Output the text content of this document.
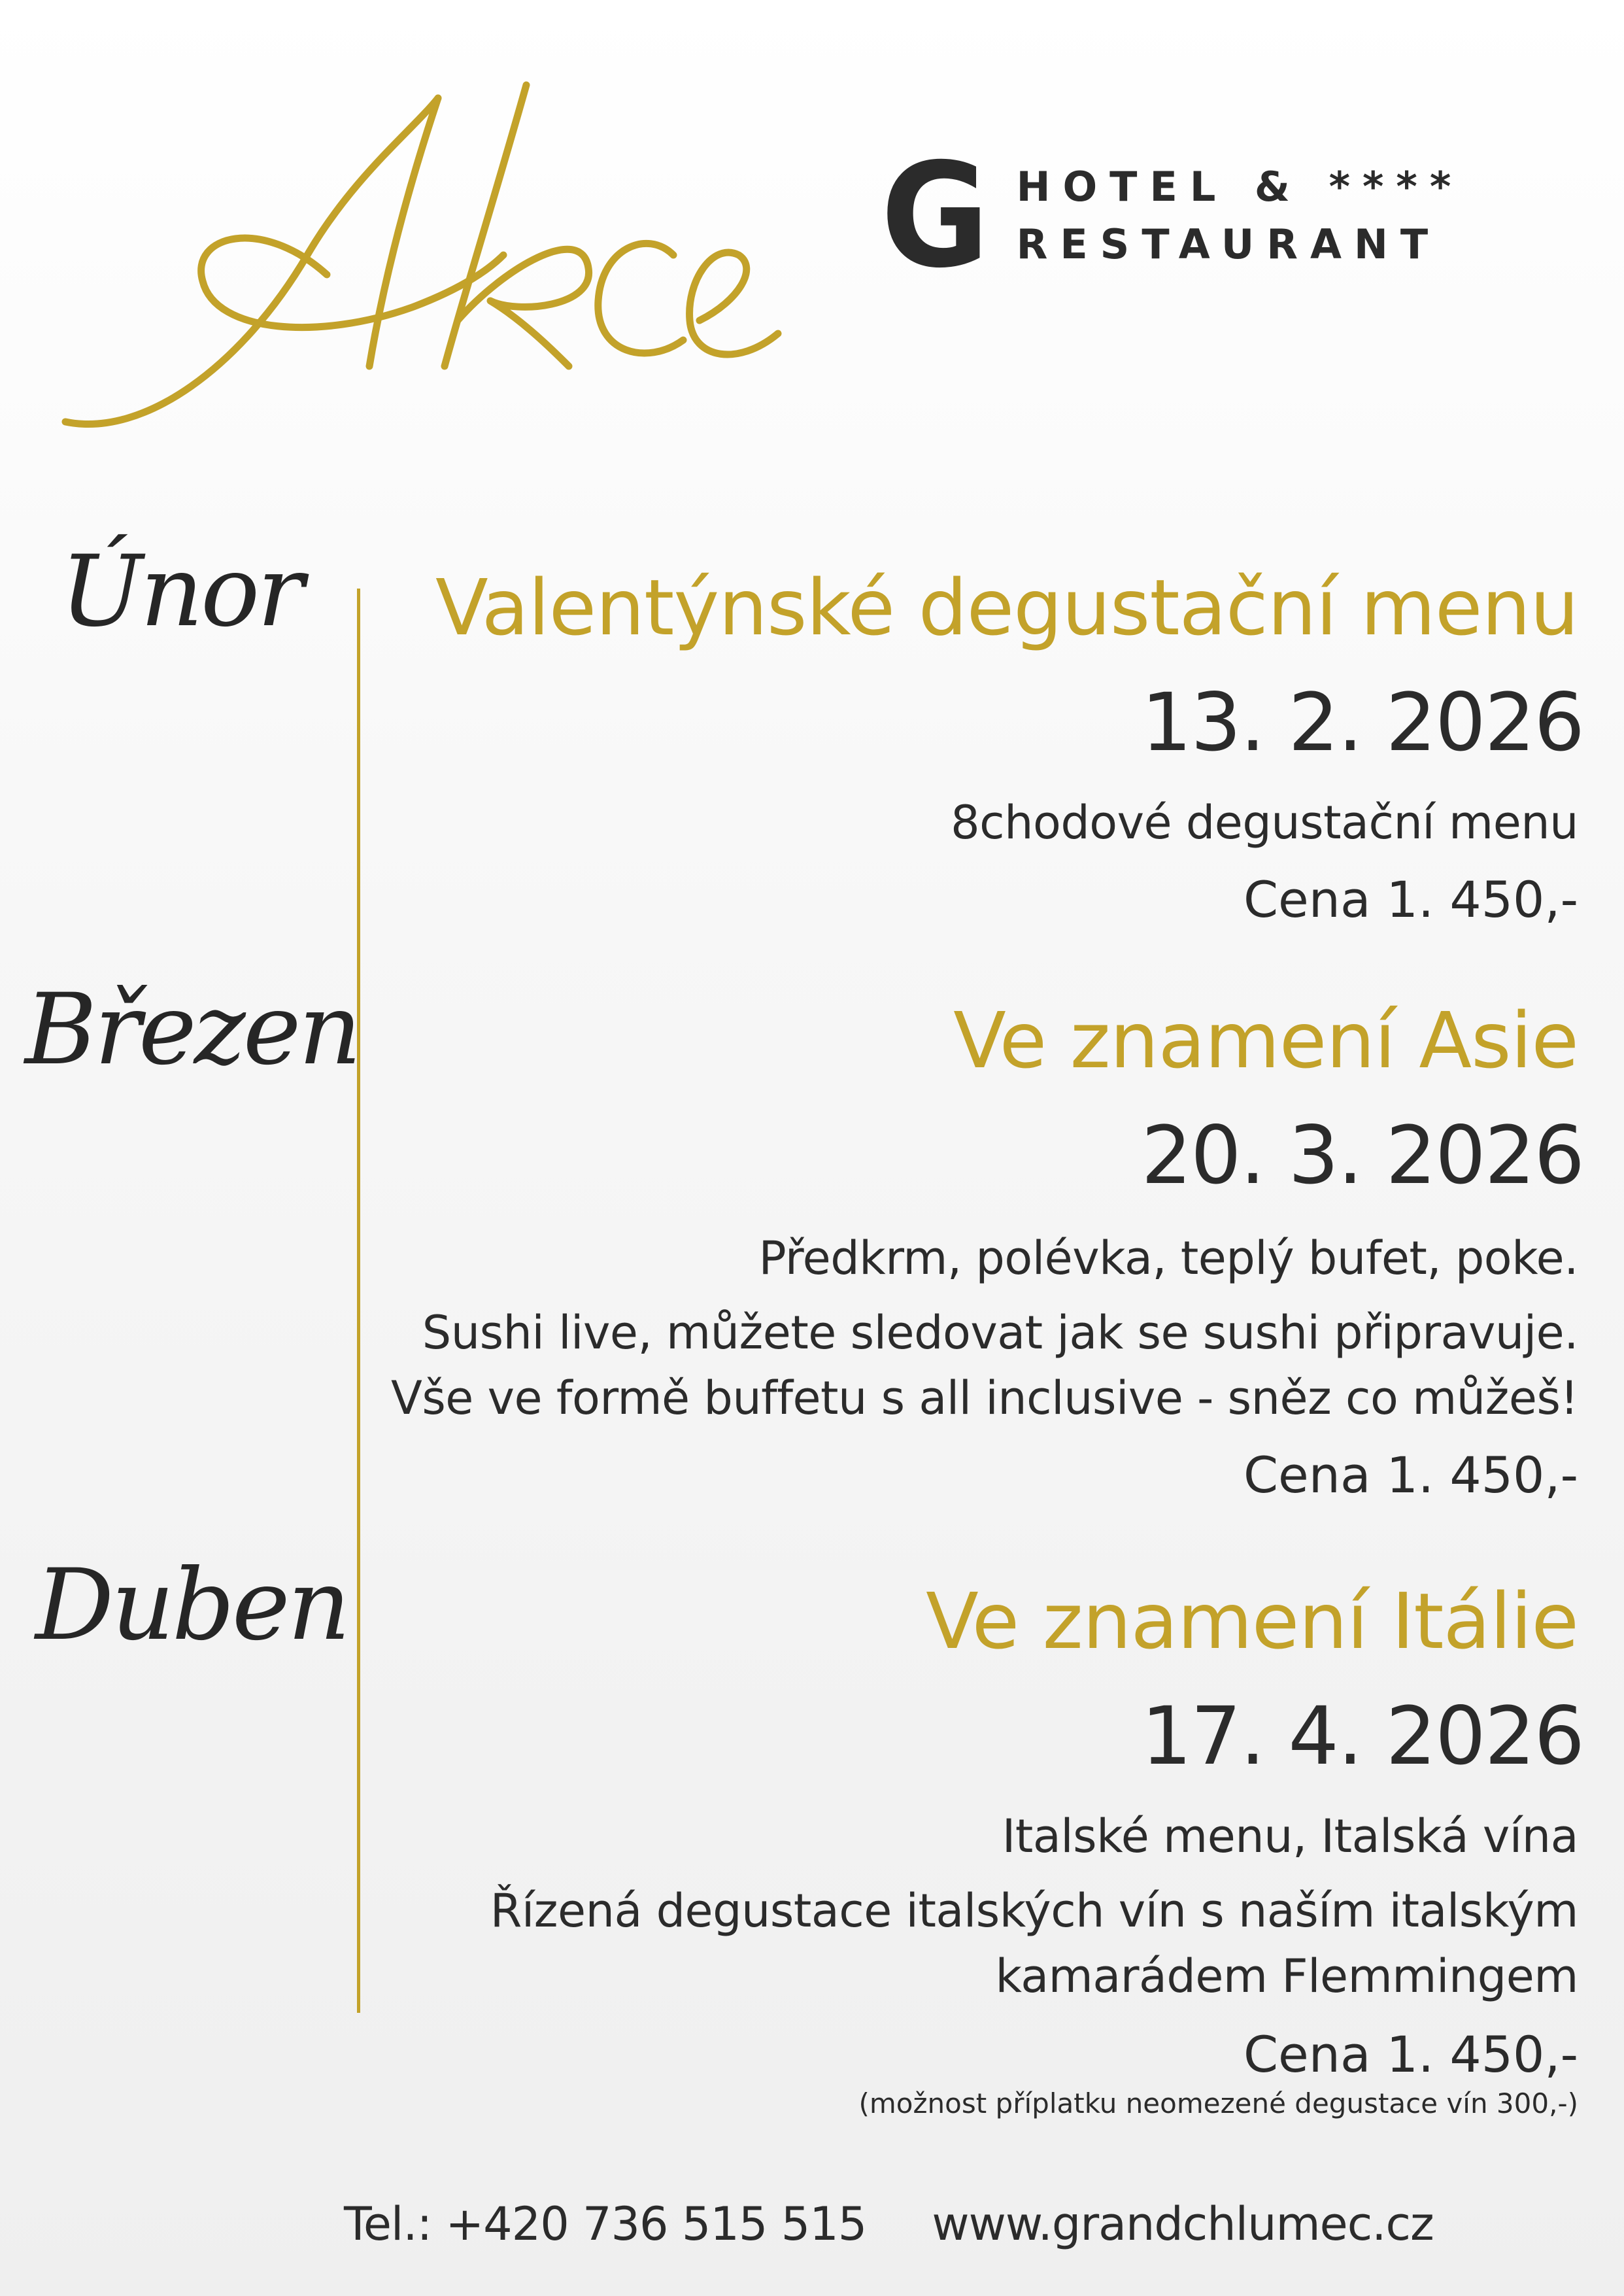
G HOTEL & ****
RESTAURANT
Únor
Březen
Duben
Valentýnské degustační menu
13. 2. 2026
8chodové degustační menu
Cena 1. 450,-
Ve znamení Asie
20. 3. 2026
Předkrm, polévka, teplý bufet, poke.
Sushi live, můžete sledovat jak se sushi připravuje.
Vše ve formě buffetu s all inclusive - sněz co můžeš!
Cena 1. 450,-
Ve znamení Itálie
17. 4. 2026
Italské menu, Italská vína
Řízená degustace italských vín s naším italským
kamarádem Flemmingem
Cena 1. 450,-
(možnost příplatku neomezené degustace vín 300,-)
Tel.: +420 736 515 515 www.grandchlumec.cz
